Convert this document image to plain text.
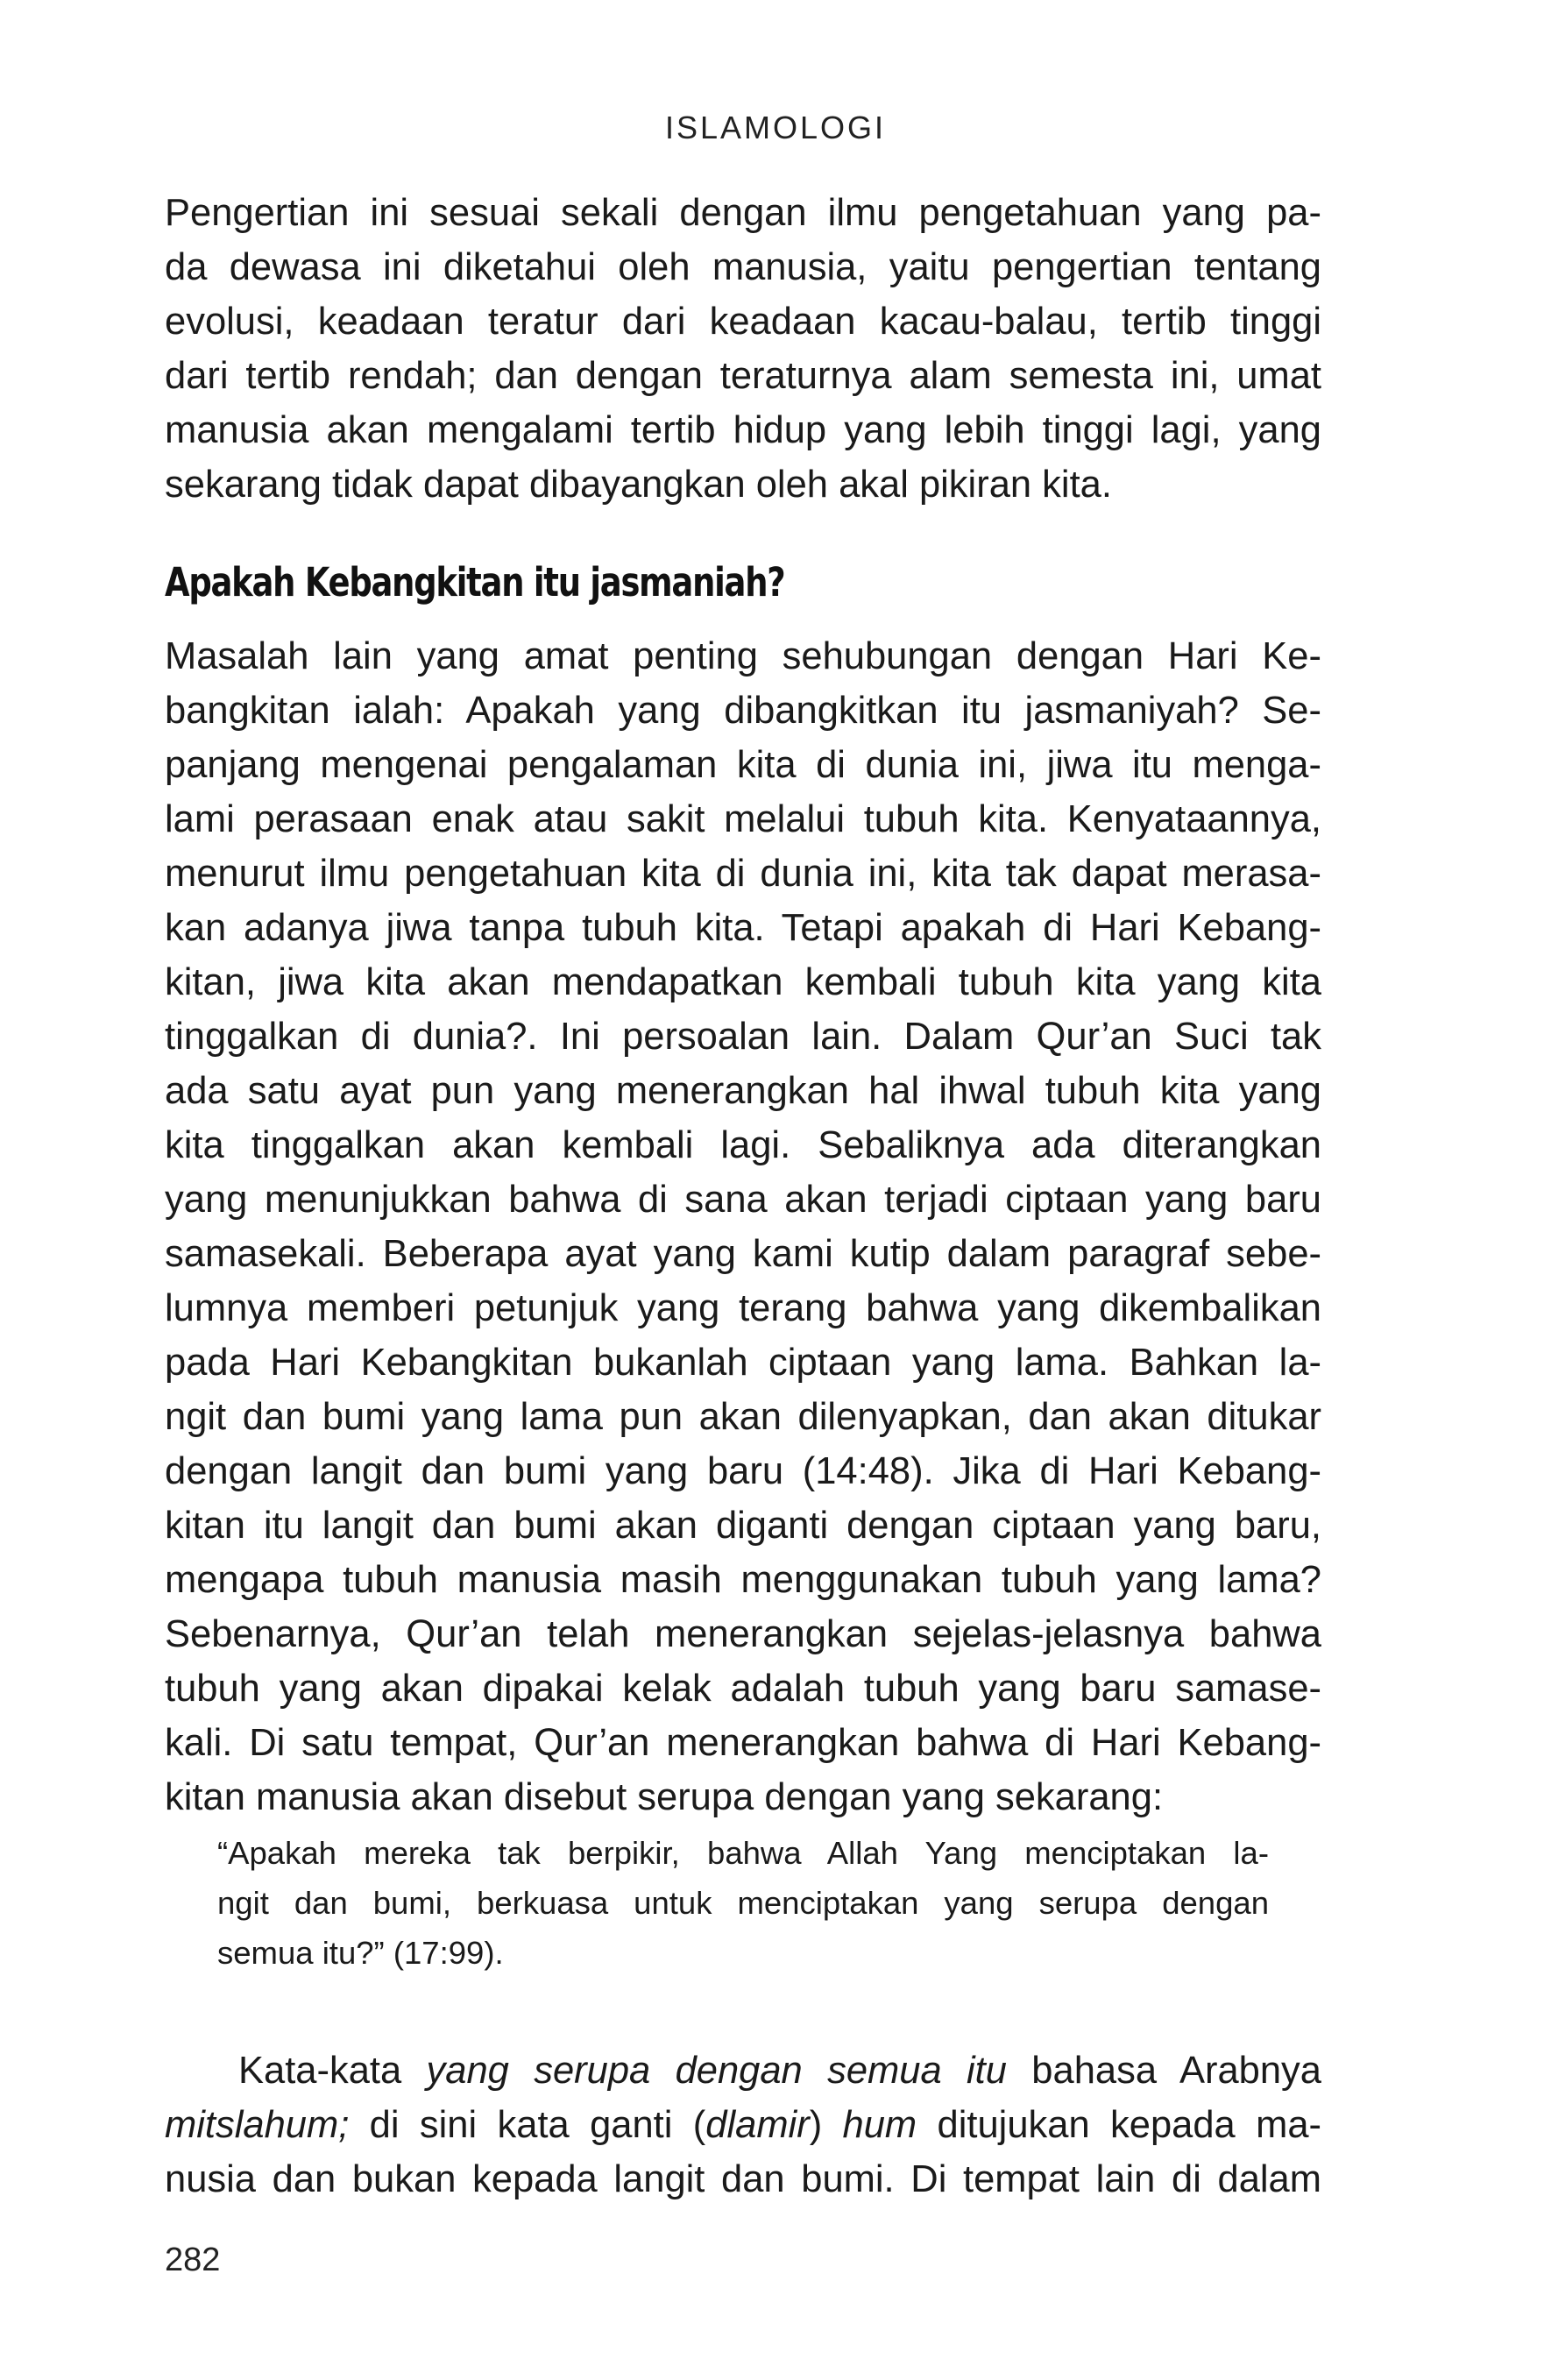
ISLAMOLOGI
Pengertian ini sesuai sekali dengan ilmu pengetahuan yang pa-
da dewasa ini diketahui oleh manusia, yaitu pengertian tentang
evolusi, keadaan teratur dari keadaan kacau-balau, tertib tinggi
dari tertib rendah; dan dengan teraturnya alam semesta ini, umat
manusia akan mengalami tertib hidup yang lebih tinggi lagi, yang
sekarang tidak dapat dibayangkan oleh akal pikiran kita.
Apakah Kebangkitan itu jasmaniah?
Masalah lain yang amat penting sehubungan dengan Hari Ke-
bangkitan ialah: Apakah yang dibangkitkan itu jasmaniyah? Se-
panjang mengenai pengalaman kita di dunia ini, jiwa itu menga-
lami perasaan enak atau sakit melalui tubuh kita. Kenyataannya,
menurut ilmu pengetahuan kita di dunia ini, kita tak dapat merasa-
kan adanya jiwa tanpa tubuh kita. Tetapi apakah di Hari Kebang-
kitan, jiwa kita akan mendapatkan kembali tubuh kita yang kita
tinggalkan di dunia?. Ini persoalan lain. Dalam Qur’an Suci tak
ada satu ayat pun yang menerangkan hal ihwal tubuh kita yang
kita tinggalkan akan kembali lagi. Sebaliknya ada diterangkan
yang menunjukkan bahwa di sana akan terjadi ciptaan yang baru
samasekali. Beberapa ayat yang kami kutip dalam paragraf sebe-
lumnya memberi petunjuk yang terang bahwa yang dikembalikan
pada Hari Kebangkitan bukanlah ciptaan yang lama. Bahkan la-
ngit dan bumi yang lama pun akan dilenyapkan, dan akan ditukar
dengan langit dan bumi yang baru (14:48). Jika di Hari Kebang-
kitan itu langit dan bumi akan diganti dengan ciptaan yang baru,
mengapa tubuh manusia masih menggunakan tubuh yang lama?
Sebenarnya, Qur’an telah menerangkan sejelas-jelasnya bahwa
tubuh yang akan dipakai kelak adalah tubuh yang baru samase-
kali. Di satu tempat, Qur’an menerangkan bahwa di Hari Kebang-
kitan manusia akan disebut serupa dengan yang sekarang:
“Apakah mereka tak berpikir, bahwa Allah Yang menciptakan la-
ngit dan bumi, berkuasa untuk menciptakan yang serupa dengan
semua itu?” (17:99).
Kata-kata yang serupa dengan semua itu bahasa Arabnya
mitslahum; di sini kata ganti (dlamir) hum ditujukan kepada ma-
nusia dan bukan kepada langit dan bumi. Di tempat lain di dalam
282
